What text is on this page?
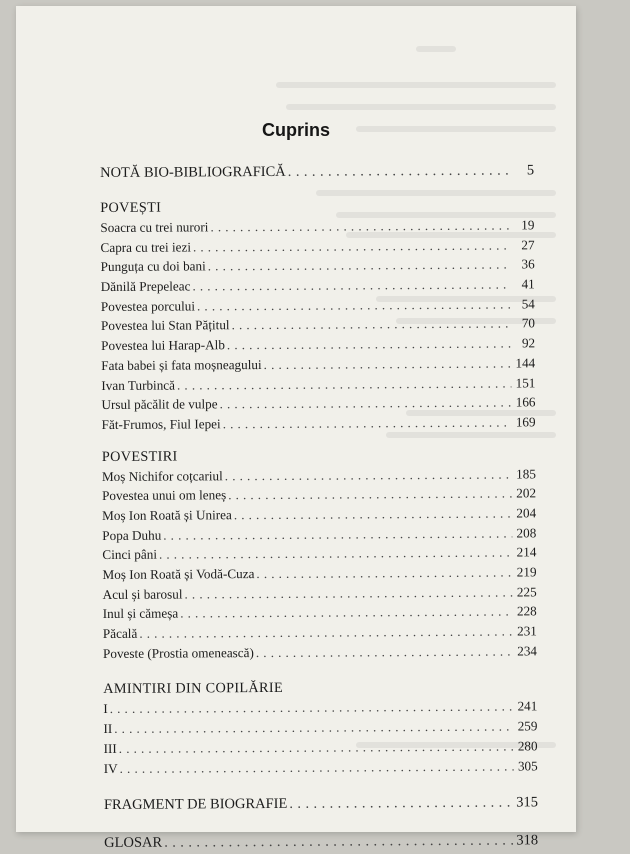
Cuprins
NOTĂ BIO-BIBLIOGRAFICĂ . . .	5
POVEȘTI
Soacra cu trei nurori . . .	19
Capra cu trei iezi . . .	27
Punguța cu doi bani . . .	36
Dănilă Prepeleac . . .	41
Povestea porcului . . .	54
Povestea lui Stan Pățitul . . .	70
Povestea lui Harap-Alb . . .	92
Fata babei și fata moșneagului . . .	144
Ivan Turbincă . . .	151
Ursul păcălit de vulpe . . .	166
Făt-Frumos, Fiul Iepei . . .	169
POVESTIRI
Moș Nichifor coțcariul . . .	185
Povestea unui om leneș . . .	202
Moș Ion Roată și Unirea . . .	204
Popa Duhu . . .	208
Cinci pâni . . .	214
Moș Ion Roată și Vodă-Cuza . . .	219
Acul și barosul . . .	225
Inul și cămeșa . . .	228
Păcală . . .	231
Poveste (Prostia omenească) . . .	234
AMINTIRI DIN COPILĂRIE
I . . .	241
II . . .	259
III . . .	280
IV . . .	305
FRAGMENT DE BIOGRAFIE . . .	315
GLOSAR . . .	318
